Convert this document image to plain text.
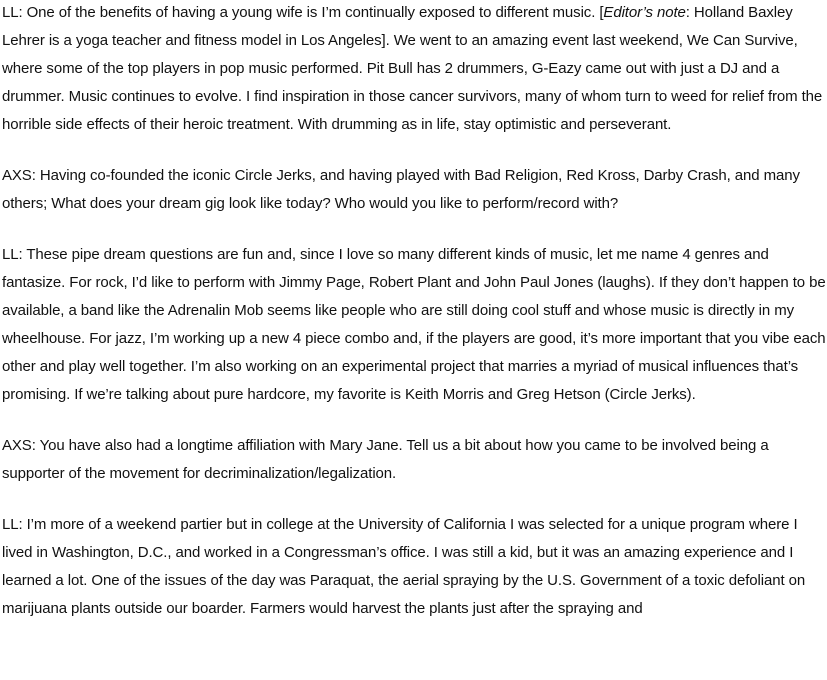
LL: One of the benefits of having a young wife is I’m continually exposed to different music. [Editor’s note: Holland Baxley Lehrer is a yoga teacher and fitness model in Los Angeles]. We went to an amazing event last weekend, We Can Survive, where some of the top players in pop music performed. Pit Bull has 2 drummers, G-Eazy came out with just a DJ and a drummer. Music continues to evolve. I find inspiration in those cancer survivors, many of whom turn to weed for relief from the horrible side effects of their heroic treatment. With drumming as in life, stay optimistic and perseverant.

AXS: Having co-founded the iconic Circle Jerks, and having played with Bad Religion, Red Kross, Darby Crash, and many others; What does your dream gig look like today? Who would you like to perform/record with?

LL: These pipe dream questions are fun and, since I love so many different kinds of music, let me name 4 genres and fantasize. For rock, I’d like to perform with Jimmy Page, Robert Plant and John Paul Jones (laughs). If they don’t happen to be available, a band like the Adrenalin Mob seems like people who are still doing cool stuff and whose music is directly in my wheelhouse. For jazz, I’m working up a new 4 piece combo and, if the players are good, it’s more important that you vibe each other and play well together. I’m also working on an experimental project that marries a myriad of musical influences that’s promising. If we’re talking about pure hardcore, my favorite is Keith Morris and Greg Hetson (Circle Jerks).

AXS: You have also had a longtime affiliation with Mary Jane. Tell us a bit about how you came to be involved being a supporter of the movement for decriminalization/legalization.

LL: I’m more of a weekend partier but in college at the University of California I was selected for a unique program where I lived in Washington, D.C., and worked in a Congressman’s office. I was still a kid, but it was an amazing experience and I learned a lot. One of the issues of the day was Paraquat, the aerial spraying by the U.S. Government of a toxic defoliant on marijuana plants outside our boarder. Farmers would harvest the plants just after the spraying and
